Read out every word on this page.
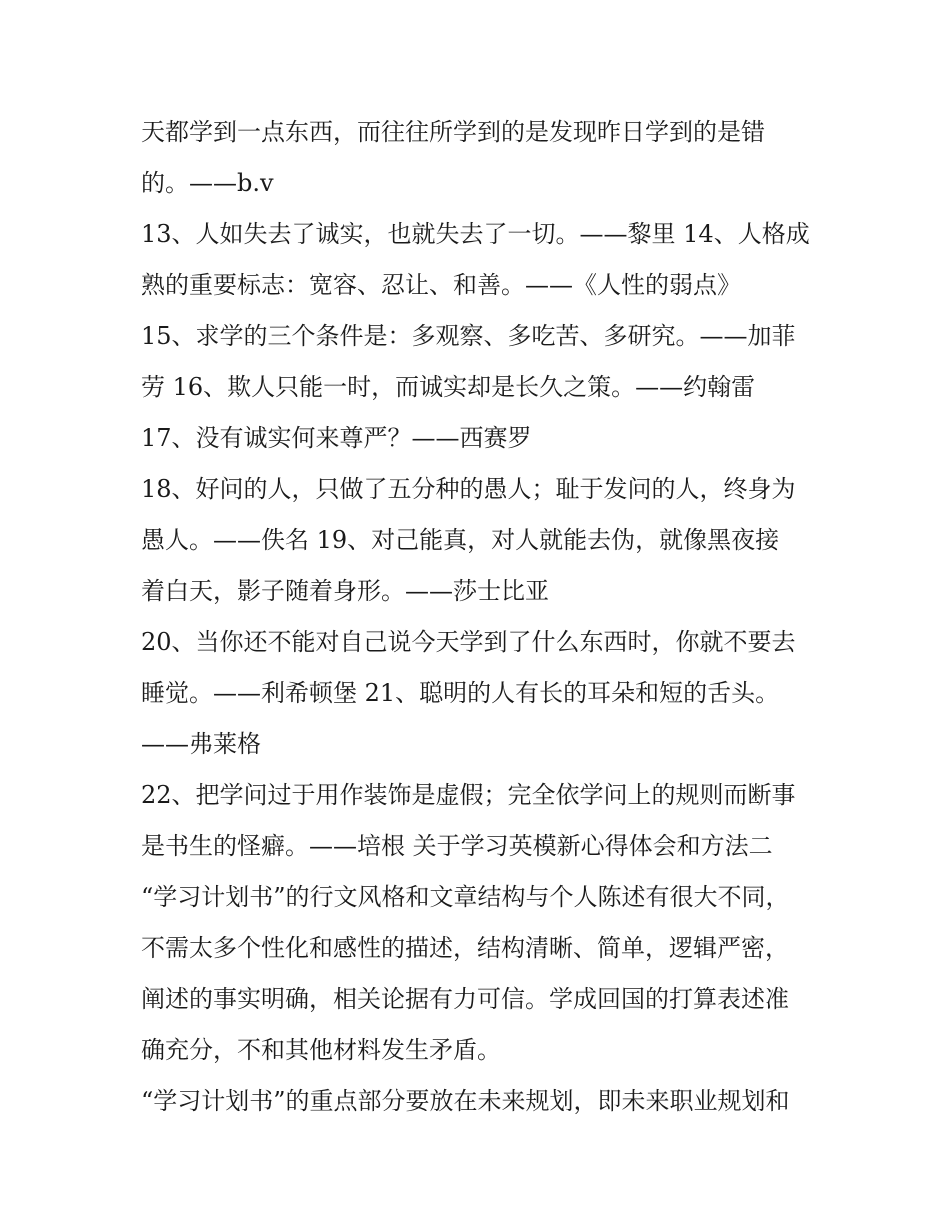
天都学到一点东西，而往往所学到的是发现昨日学到的是错
的。——b.v
13、人如失去了诚实，也就失去了一切。——黎里 14、人格成
熟的重要标志：宽容、忍让、和善。——《人性的弱点》
15、求学的三个条件是：多观察、多吃苦、多研究。——加菲
劳 16、欺人只能一时，而诚实却是长久之策。——约翰雷
17、没有诚实何来尊严？——西赛罗
18、好问的人，只做了五分种的愚人；耻于发问的人，终身为
愚人。——佚名 19、对己能真，对人就能去伪，就像黑夜接
着白天，影子随着身形。——莎士比亚
20、当你还不能对自己说今天学到了什么东西时，你就不要去
睡觉。——利希顿堡 21、聪明的人有长的耳朵和短的舌头。
——弗莱格
22、把学问过于用作装饰是虚假；完全依学问上的规则而断事
是书生的怪癖。——培根 关于学习英模新心得体会和方法二
“学习计划书”的行文风格和文章结构与个人陈述有很大不同，
不需太多个性化和感性的描述，结构清晰、简单，逻辑严密，
阐述的事实明确，相关论据有力可信。学成回国的打算表述准
确充分，不和其他材料发生矛盾。
“学习计划书”的重点部分要放在未来规划，即未来职业规划和
